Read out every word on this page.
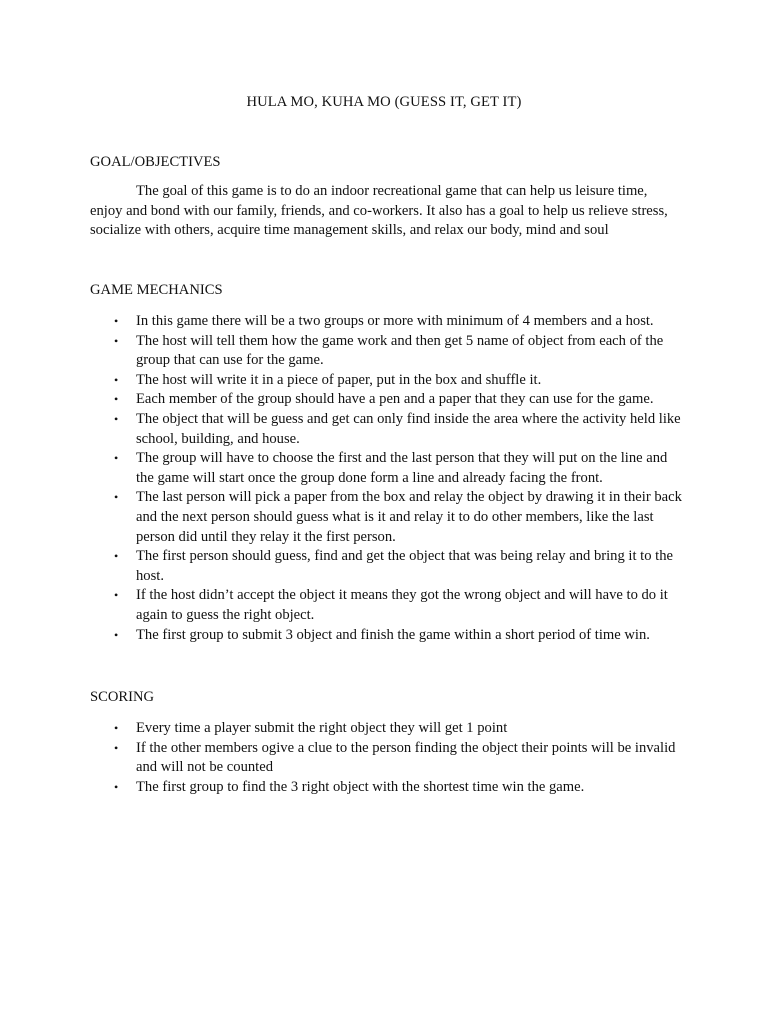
HULA MO, KUHA MO (GUESS IT, GET IT)
GOAL/OBJECTIVES

The goal of this game is to do an indoor recreational game that can help us leisure time, enjoy and bond with our family, friends, and co-workers. It also has a goal to help us relieve stress, socialize with others, acquire time management skills, and relax our body, mind and soul

GAME MECHANICS
•	In this game there will be a two groups or more with minimum of 4 members and a host.
•	The host will tell them how the game work and then get 5 name of object from each of the group that can use for the game.
•	The host will write it in a piece of paper, put in the box and shuffle it.
•	Each member of the group should have a pen and a paper that they can use for the game.
•	The object that will be guess and get can only find inside the area where the activity held like school, building, and house.
•	The group will have to choose the first and the last person that they will put on the line and the game will start once the group done form a line and already facing the front.
•	The last person will pick a paper from the box and relay the object by drawing it in their back and the next person should guess what is it and relay it to do other members, like the last person did until they relay it the first person.
•	The first person should guess, find and get the object that was being relay and bring it to the host.
•	If the host didn’t accept the object it means they got the wrong object and will have to do it again to guess the right object.
•	The first group to submit 3 object and finish the game within a short period of time win.
SCORING
•	Every time a player submit the right object they will get 1 point
•	If the other members ogive a clue to the person finding the object their points will be invalid and will not be counted
•	The first group to find the 3 right object with the shortest time win the game.
